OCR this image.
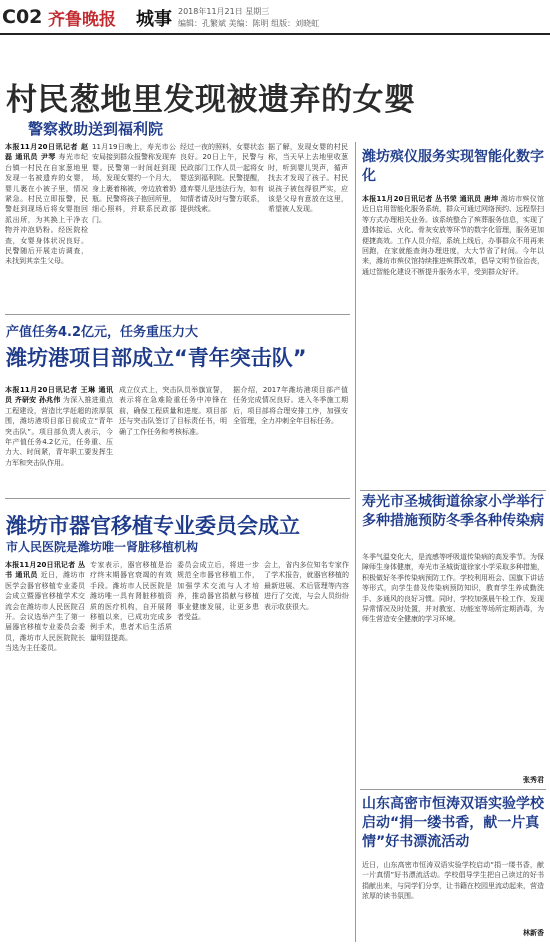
C02 齐鲁晚报 城事 2018年11月21日 星期三
编辑：孔繁斌 美编：陈明 组版：刘晓虹
村民葱地里发现被遗弃的女婴
警察救助送到福利院
本报11月20日讯记者 赵磊 通讯员 尹琴 寿光市纪台镇一村民在自家葱地里发现一名被遗弃的女婴，婴儿裹在小被子里，情况紧急。村民立即报警，民警赶到现场后将女婴抱回派出所，为其换上干净衣物并冲泡奶粉。经医院检查，女婴身体状况良好。民警随后开展走访调查，未找到其亲生父母。
11月19日晚上，寿光市公安局接到群众报警称发现弃婴。民警第一时间赶到现场，发现女婴约一个月大，身上裹着棉被，旁边放着奶瓶。民警将孩子抱回所里，细心照料，并联系民政部门。
经过一夜的照料，女婴状态良好。20日上午，民警与民政部门工作人员一起将女婴送到福利院。民警提醒，遗弃婴儿是违法行为，如有知情者请及时与警方联系，提供线索。
据了解，发现女婴的村民称，当天早上去地里收葱时，听到婴儿哭声，循声找去才发现了孩子。村民说孩子被包得很严实，应该是父母有意放在这里，希望被人发现。
产值任务4.2亿元，任务重压力大
潍坊港项目部成立“青年突击队”
本报11月20日讯记者 王琳 通讯员 齐研安 孙兆伟 为深入推进重点工程建设，营造比学赶超的浓厚氛围，潍坊港项目部日前成立“青年突击队”。项目部负责人表示，今年产值任务4.2亿元，任务重、压力大、时间紧，青年职工要发挥生力军和突击队作用。
成立仪式上，突击队员举旗宣誓，表示将在急难险重任务中冲锋在前，确保工程质量和进度。项目部还与突击队签订了目标责任书，明确了工作任务和考核标准。
据介绍，2017年潍坊港项目部产值任务完成情况良好。进入冬季施工期后，项目部将合理安排工序，加强安全管理，全力冲刺全年目标任务。
潍坊市器官移植专业委员会成立
市人民医院是潍坊唯一肾脏移植机构
本报11月20日讯记者 丛书 通讯员 近日，潍坊市医学会器官移植专业委员会成立暨器官移植学术交流会在潍坊市人民医院召开。会议选举产生了第一届器官移植专业委员会委员，潍坊市人民医院院长当选为主任委员。
专家表示，器官移植是治疗终末期器官衰竭的有效手段。潍坊市人民医院是潍坊唯一具有肾脏移植资质的医疗机构，自开展肾移植以来，已成功完成多例手术，患者术后生活质量明显提高。
委员会成立后，将进一步规范全市器官移植工作，加强学术交流与人才培养，推动器官捐献与移植事业健康发展，让更多患者受益。
会上，省内多位知名专家作了学术报告，就器官移植的最新进展、术后管理等内容进行了交流，与会人员纷纷表示收获很大。
潍坊殡仪服务实现智能化数字化
本报11月20日讯记者 丛书荣 通讯员 唐坤 潍坊市殡仪馆近日启用智能化服务系统，群众可通过网络预约、远程祭扫等方式办理相关业务。该系统整合了殡葬服务信息，实现了遗体接运、火化、骨灰安放等环节的数字化管理，服务更加便捷高效。工作人员介绍，系统上线后，办事群众不用再来回跑，在家就能查询办理进度，大大节省了时间。今年以来，潍坊市殡仪馆持续推进殡葬改革，倡导文明节俭治丧，通过智能化建设不断提升服务水平，受到群众好评。
寿光市圣城街道徐家小学举行多种措施预防冬季各种传染病
冬季气温变化大，是流感等呼吸道传染病的高发季节。为保障师生身体健康，寿光市圣城街道徐家小学采取多种措施，积极做好冬季传染病预防工作。学校利用班会、国旗下讲话等形式，向学生普及传染病预防知识，教育学生养成勤洗手、多通风的良好习惯。同时，学校加强晨午检工作，发现异常情况及时处置，并对教室、功能室等场所定期消毒，为师生营造安全健康的学习环境。
张秀君
山东高密市恒涛双语实验学校启动“捐一缕书香，献一片真情”好书漂流活动
近日，山东高密市恒涛双语实验学校启动“捐一缕书香，献一片真情”好书漂流活动。学校倡导学生把自己读过的好书捐献出来，与同学们分享，让书籍在校园里流动起来，营造浓厚的读书氛围。
林新香
